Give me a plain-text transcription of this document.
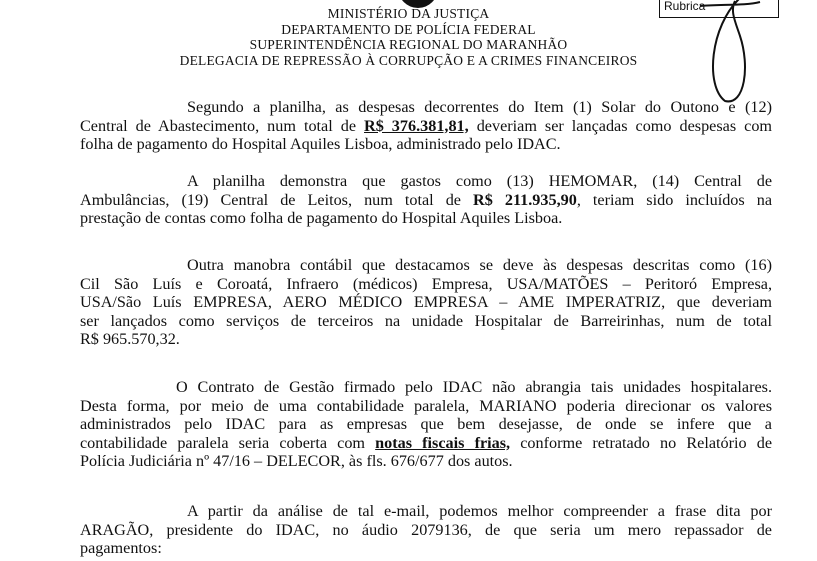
MINISTÉRIO DA JUSTIÇA
DEPARTAMENTO DE POLÍCIA FEDERAL
SUPERINTENDÊNCIA REGIONAL DO MARANHÃO
DELEGACIA DE REPRESSÃO À CORRUPÇÃO E A CRIMES FINANCEIROS
Rubrica
Segundo a planilha, as despesas decorrentes do Item (1) Solar do Outono e (12)
Central de Abastecimento, num total de R$ 376.381,81, deveriam ser lançadas como despesas com
folha de pagamento do Hospital Aquiles Lisboa, administrado pelo IDAC.
A planilha demonstra que gastos como (13) HEMOMAR, (14) Central de
Ambulâncias, (19) Central de Leitos, num total de R$ 211.935,90, teriam sido incluídos na
prestação de contas como folha de pagamento do Hospital Aquiles Lisboa.
Outra manobra contábil que destacamos se deve às despesas descritas como (16)
Cil São Luís e Coroatá, Infraero (médicos) Empresa, USA/MATÕES – Peritoró Empresa,
USA/São Luís EMPRESA, AERO MÉDICO EMPRESA – AME IMPERATRIZ, que deveriam
ser lançados como serviços de terceiros na unidade Hospitalar de Barreirinhas, num de total
R$ 965.570,32.
O Contrato de Gestão firmado pelo IDAC não abrangia tais unidades hospitalares.
Desta forma, por meio de uma contabilidade paralela, MARIANO poderia direcionar os valores
administrados pelo IDAC para as empresas que bem desejasse, de onde se infere que a
contabilidade paralela seria coberta com notas fiscais frias, conforme retratado no Relatório de
Polícia Judiciária nº 47/16 – DELECOR, às fls. 676/677 dos autos.
A partir da análise de tal e-mail, podemos melhor compreender a frase dita por
ARAGÃO, presidente do IDAC, no áudio 2079136, de que seria um mero repassador de
pagamentos:
